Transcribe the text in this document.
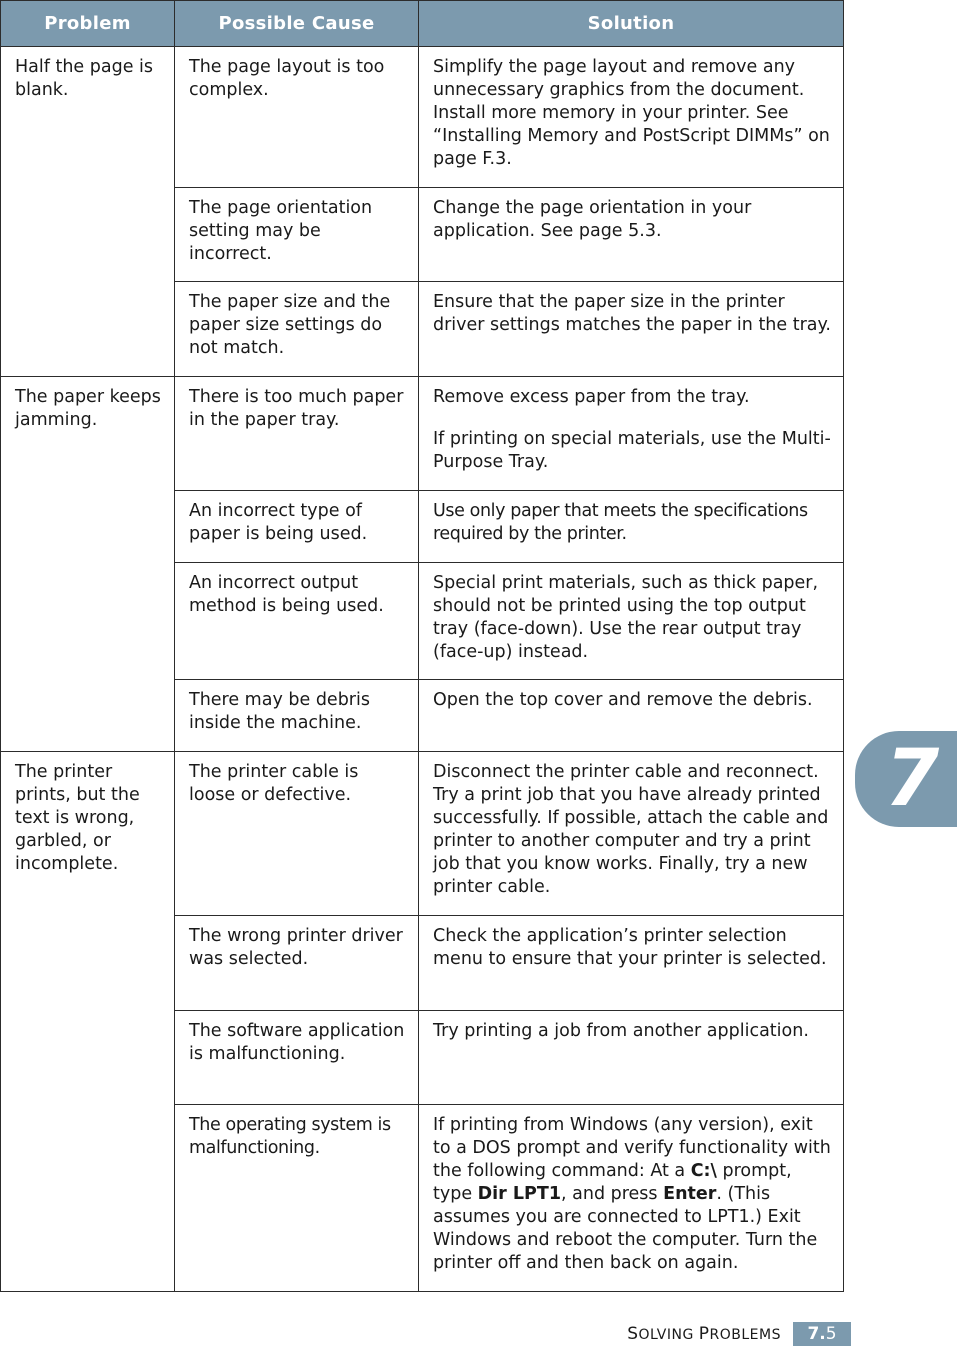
Problem	Possible Cause	Solution
Half the page is blank.	The page layout is too complex.	Simplify the page layout and remove any unnecessary graphics from the document. Install more memory in your printer. See “Installing Memory and PostScript DIMMs” on page F.3.

	The page orientation setting may be incorrect.	Change the page orientation in your application. See page 5.3.

	The paper size and the paper size settings do not match.	Ensure that the paper size in the printer driver settings matches the paper in the tray.

The paper keeps jamming.	There is too much paper in the paper tray.	Remove excess paper from the tray.

If printing on special materials, use the Multi-Purpose Tray.

	An incorrect type of paper is being used.	Use only paper that meets the specifications required by the printer.

	An incorrect output method is being used.	Special print materials, such as thick paper, should not be printed using the top output tray (face-down). Use the rear output tray (face-up) instead.

	There may be debris inside the machine.	Open the top cover and remove the debris.

The printer prints, but the text is wrong, garbled, or incomplete.	The printer cable is loose or defective.	Disconnect the printer cable and reconnect. Try a print job that you have already printed successfully. If possible, attach the cable and printer to another computer and try a print job that you know works. Finally, try a new printer cable.

	The wrong printer driver was selected.	Check the application’s printer selection menu to ensure that your printer is selected.

	The software application is malfunctioning.	Try printing a job from another application.

	The operating system is malfunctioning.	If printing from Windows (any version), exit to a DOS prompt and verify functionality with the following command: At a C:\ prompt, type Dir LPT1, and press Enter. (This assumes you are connected to LPT1.) Exit Windows and reboot the computer. Turn the printer off and then back on again.

7
SOLVING PROBLEMS	7.5
